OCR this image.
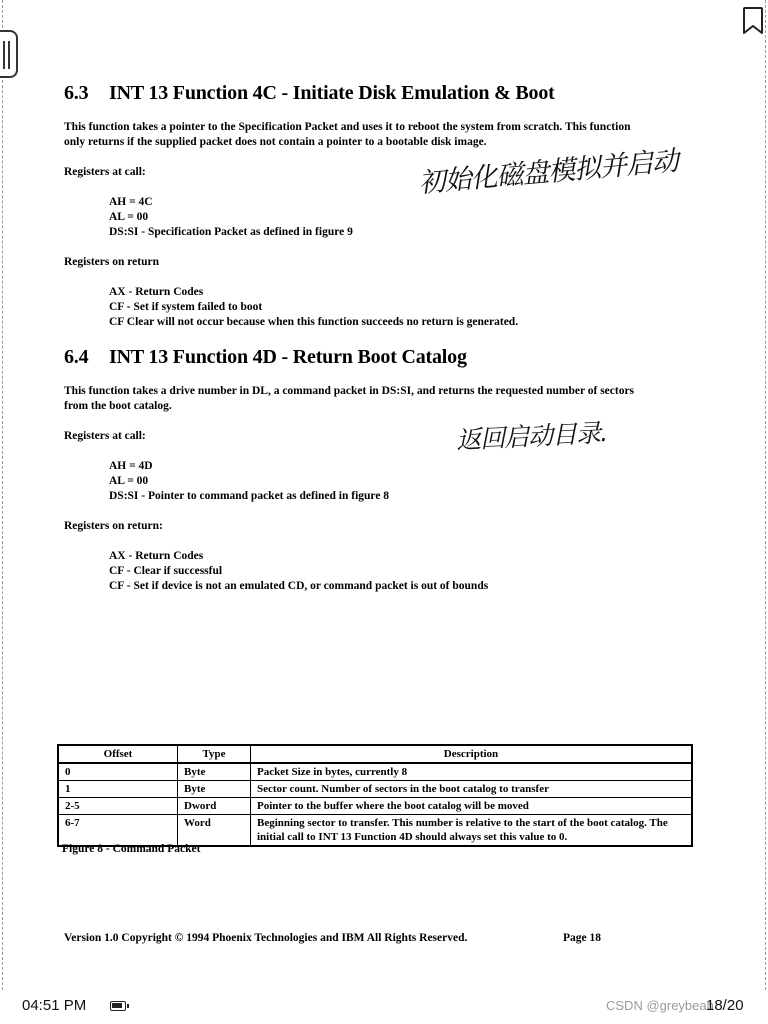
6.3 INT 13 Function 4C - Initiate Disk Emulation & Boot
This function takes a pointer to the Specification Packet and uses it to reboot the system from scratch. This function
only returns if the supplied packet does not contain a pointer to a bootable disk image.
Registers at call:
AH = 4C
AL = 00
DS:SI - Specification Packet as defined in figure 9
Registers on return
AX - Return Codes
CF - Set if system failed to boot
CF Clear will not occur because when this function succeeds no return is generated.
初始化磁盘模拟并启动
6.4 INT 13 Function 4D - Return Boot Catalog
This function takes a drive number in DL, a command packet in DS:SI, and returns the requested number of sectors
from the boot catalog.
Registers at call:
AH = 4D
AL = 00
DS:SI - Pointer to command packet as defined in figure 8
Registers on return:
AX - Return Codes
CF - Clear if successful
CF - Set if device is not an emulated CD, or command packet is out of bounds
返回启动目录.
Offset	Type	Description
0	Byte	Packet Size in bytes, currently 8
1	Byte	Sector count. Number of sectors in the boot catalog to transfer
2-5	Dword	Pointer to the buffer where the boot catalog will be moved
6-7	Word	Beginning sector to transfer. This number is relative to the start of the boot catalog. The initial call to INT 13 Function 4D should always set this value to 0.
Figure 8 - Command Packet
Version 1.0 Copyright © 1994 Phoenix Technologies and IBM All Rights Reserved.	Page 18
04:51 PM	CSDN @greybean
18/20
